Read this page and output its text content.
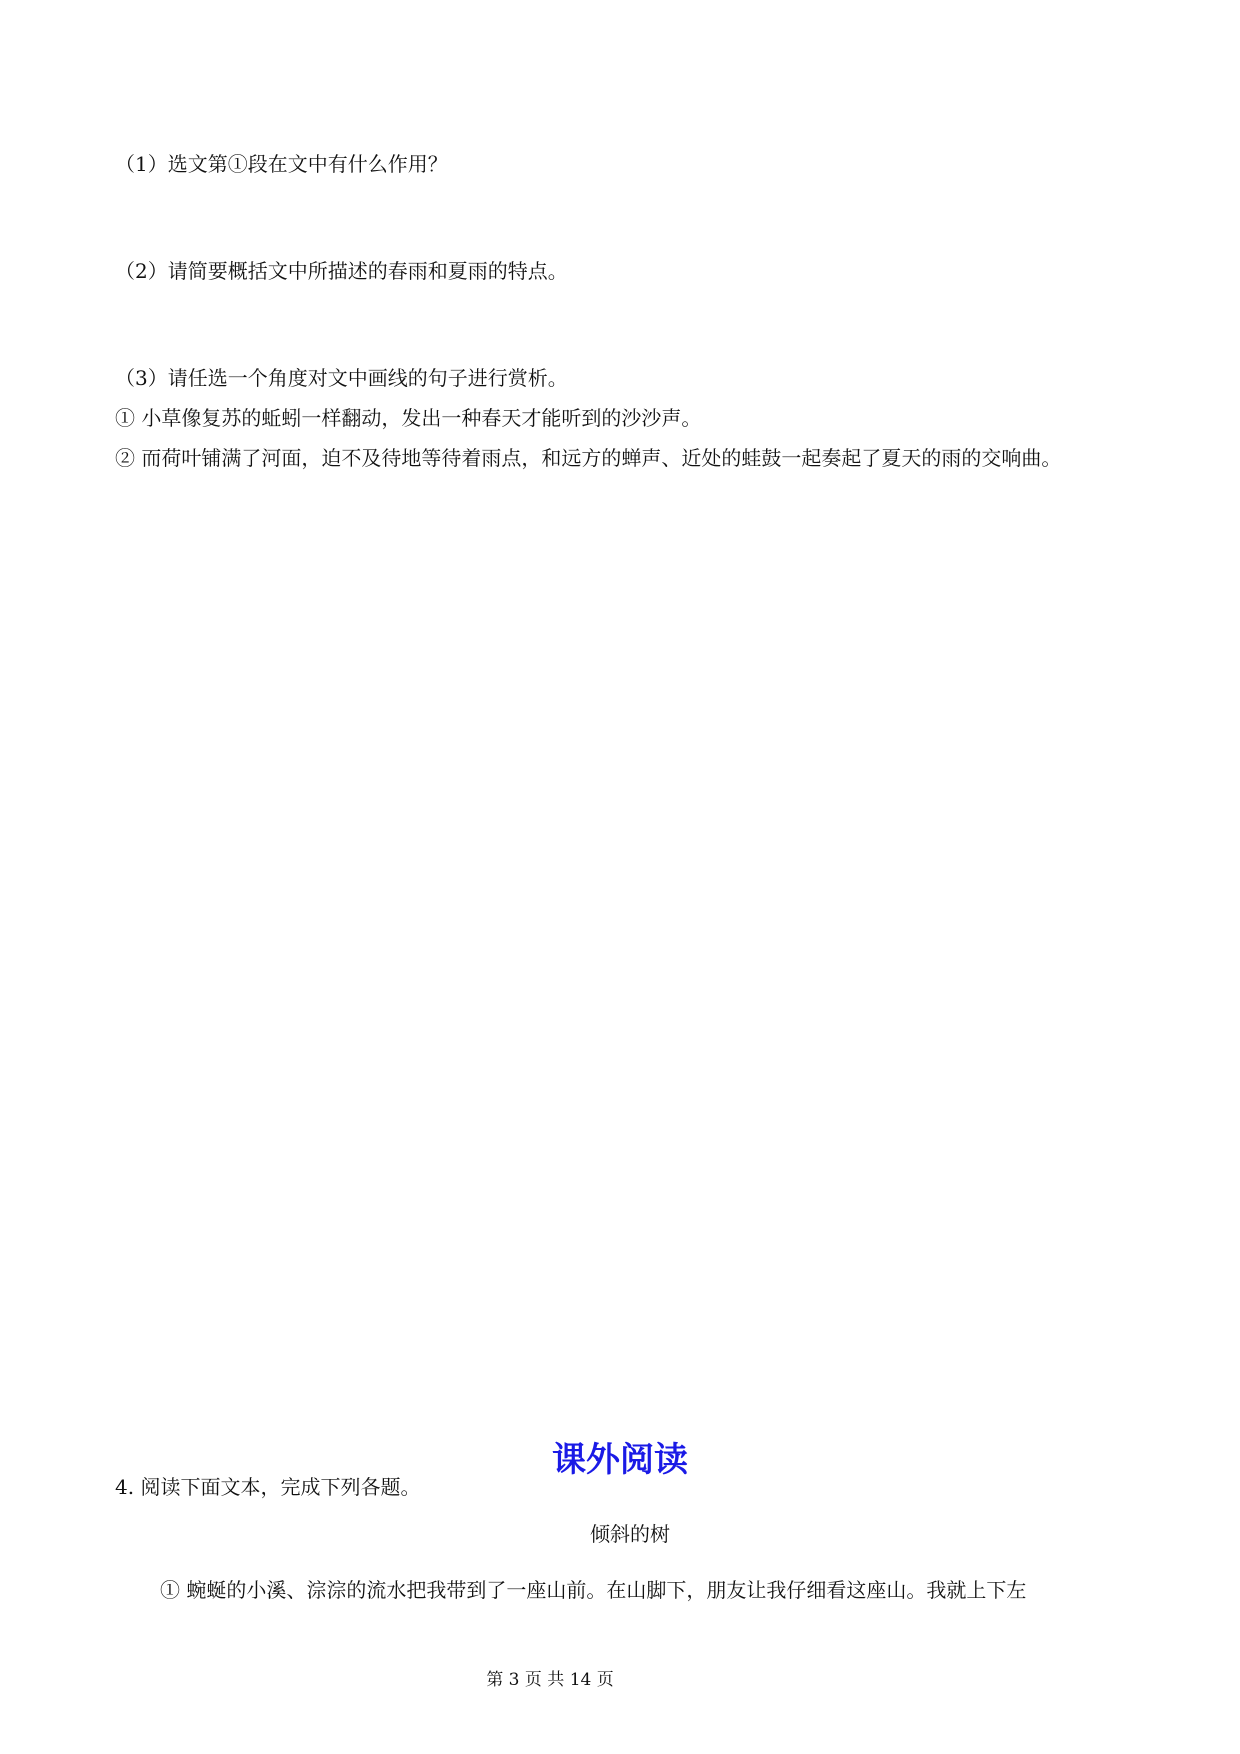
（1）选文第①段在文中有什么作用？
（2）请简要概括文中所描述的春雨和夏雨的特点。
（3）请任选一个角度对文中画线的句子进行赏析。
① 小草像复苏的蚯蚓一样翻动，发出一种春天才能听到的沙沙声。
② 而荷叶铺满了河面，迫不及待地等待着雨点，和远方的蝉声、近处的蛙鼓一起奏起了夏天的雨的交响曲。
课外阅读
4. 阅读下面文本，完成下列各题。
倾斜的树
① 蜿蜒的小溪、淙淙的流水把我带到了一座山前。在山脚下，朋友让我仔细看这座山。我就上下左
第 3 页 共 14 页
